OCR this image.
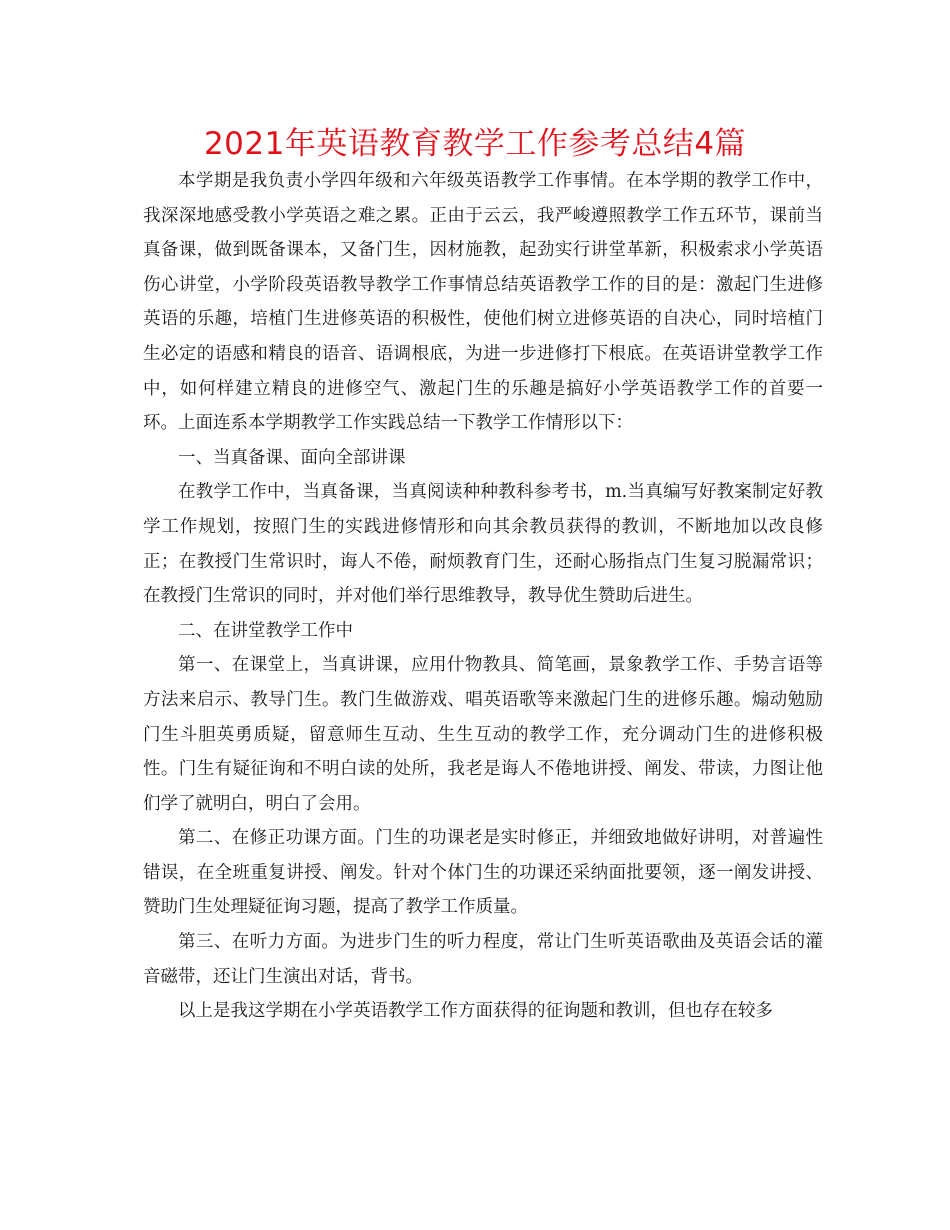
2021年英语教育教学工作参考总结4篇

本学期是我负责小学四年级和六年级英语教学工作事情。在本学期的教学工作中，我深深地感受教小学英语之难之累。正由于云云，我严峻遵照教学工作五环节，课前当真备课，做到既备课本，又备门生，因材施教，起劲实行讲堂革新，积极索求小学英语伤心讲堂，小学阶段英语教导教学工作事情总结英语教学工作的目的是：激起门生进修英语的乐趣，培植门生进修英语的积极性，使他们树立进修英语的自决心，同时培植门生必定的语感和精良的语音、语调根底，为进一步进修打下根底。在英语讲堂教学工作中，如何样建立精良的进修空气、激起门生的乐趣是搞好小学英语教学工作的首要一环。上面连系本学期教学工作实践总结一下教学工作情形以下：

一、当真备课、面向全部讲课

在教学工作中，当真备课，当真阅读种种教科参考书，m.当真编写好教案制定好教学工作规划，按照门生的实践进修情形和向其余教员获得的教训，不断地加以改良修正；在教授门生常识时，诲人不倦，耐烦教育门生，还耐心肠指点门生复习脱漏常识；在教授门生常识的同时，并对他们举行思维教导，教导优生赞助后进生。

二、在讲堂教学工作中

第一、在课堂上，当真讲课，应用什物教具、简笔画，景象教学工作、手势言语等方法来启示、教导门生。教门生做游戏、唱英语歌等来激起门生的进修乐趣。煽动勉励门生斗胆英勇质疑，留意师生互动、生生互动的教学工作，充分调动门生的进修积极性。门生有疑征询和不明白读的处所，我老是诲人不倦地讲授、阐发、带读，力图让他们学了就明白，明白了会用。

第二、在修正功课方面。门生的功课老是实时修正，并细致地做好讲明，对普遍性错误，在全班重复讲授、阐发。针对个体门生的功课还采纳面批要领，逐一阐发讲授、赞助门生处理疑征询习题，提高了教学工作质量。

第三、在听力方面。为进步门生的听力程度，常让门生听英语歌曲及英语会话的灌音磁带，还让门生演出对话，背书。

以上是我这学期在小学英语教学工作方面获得的征询题和教训，但也存在较多
